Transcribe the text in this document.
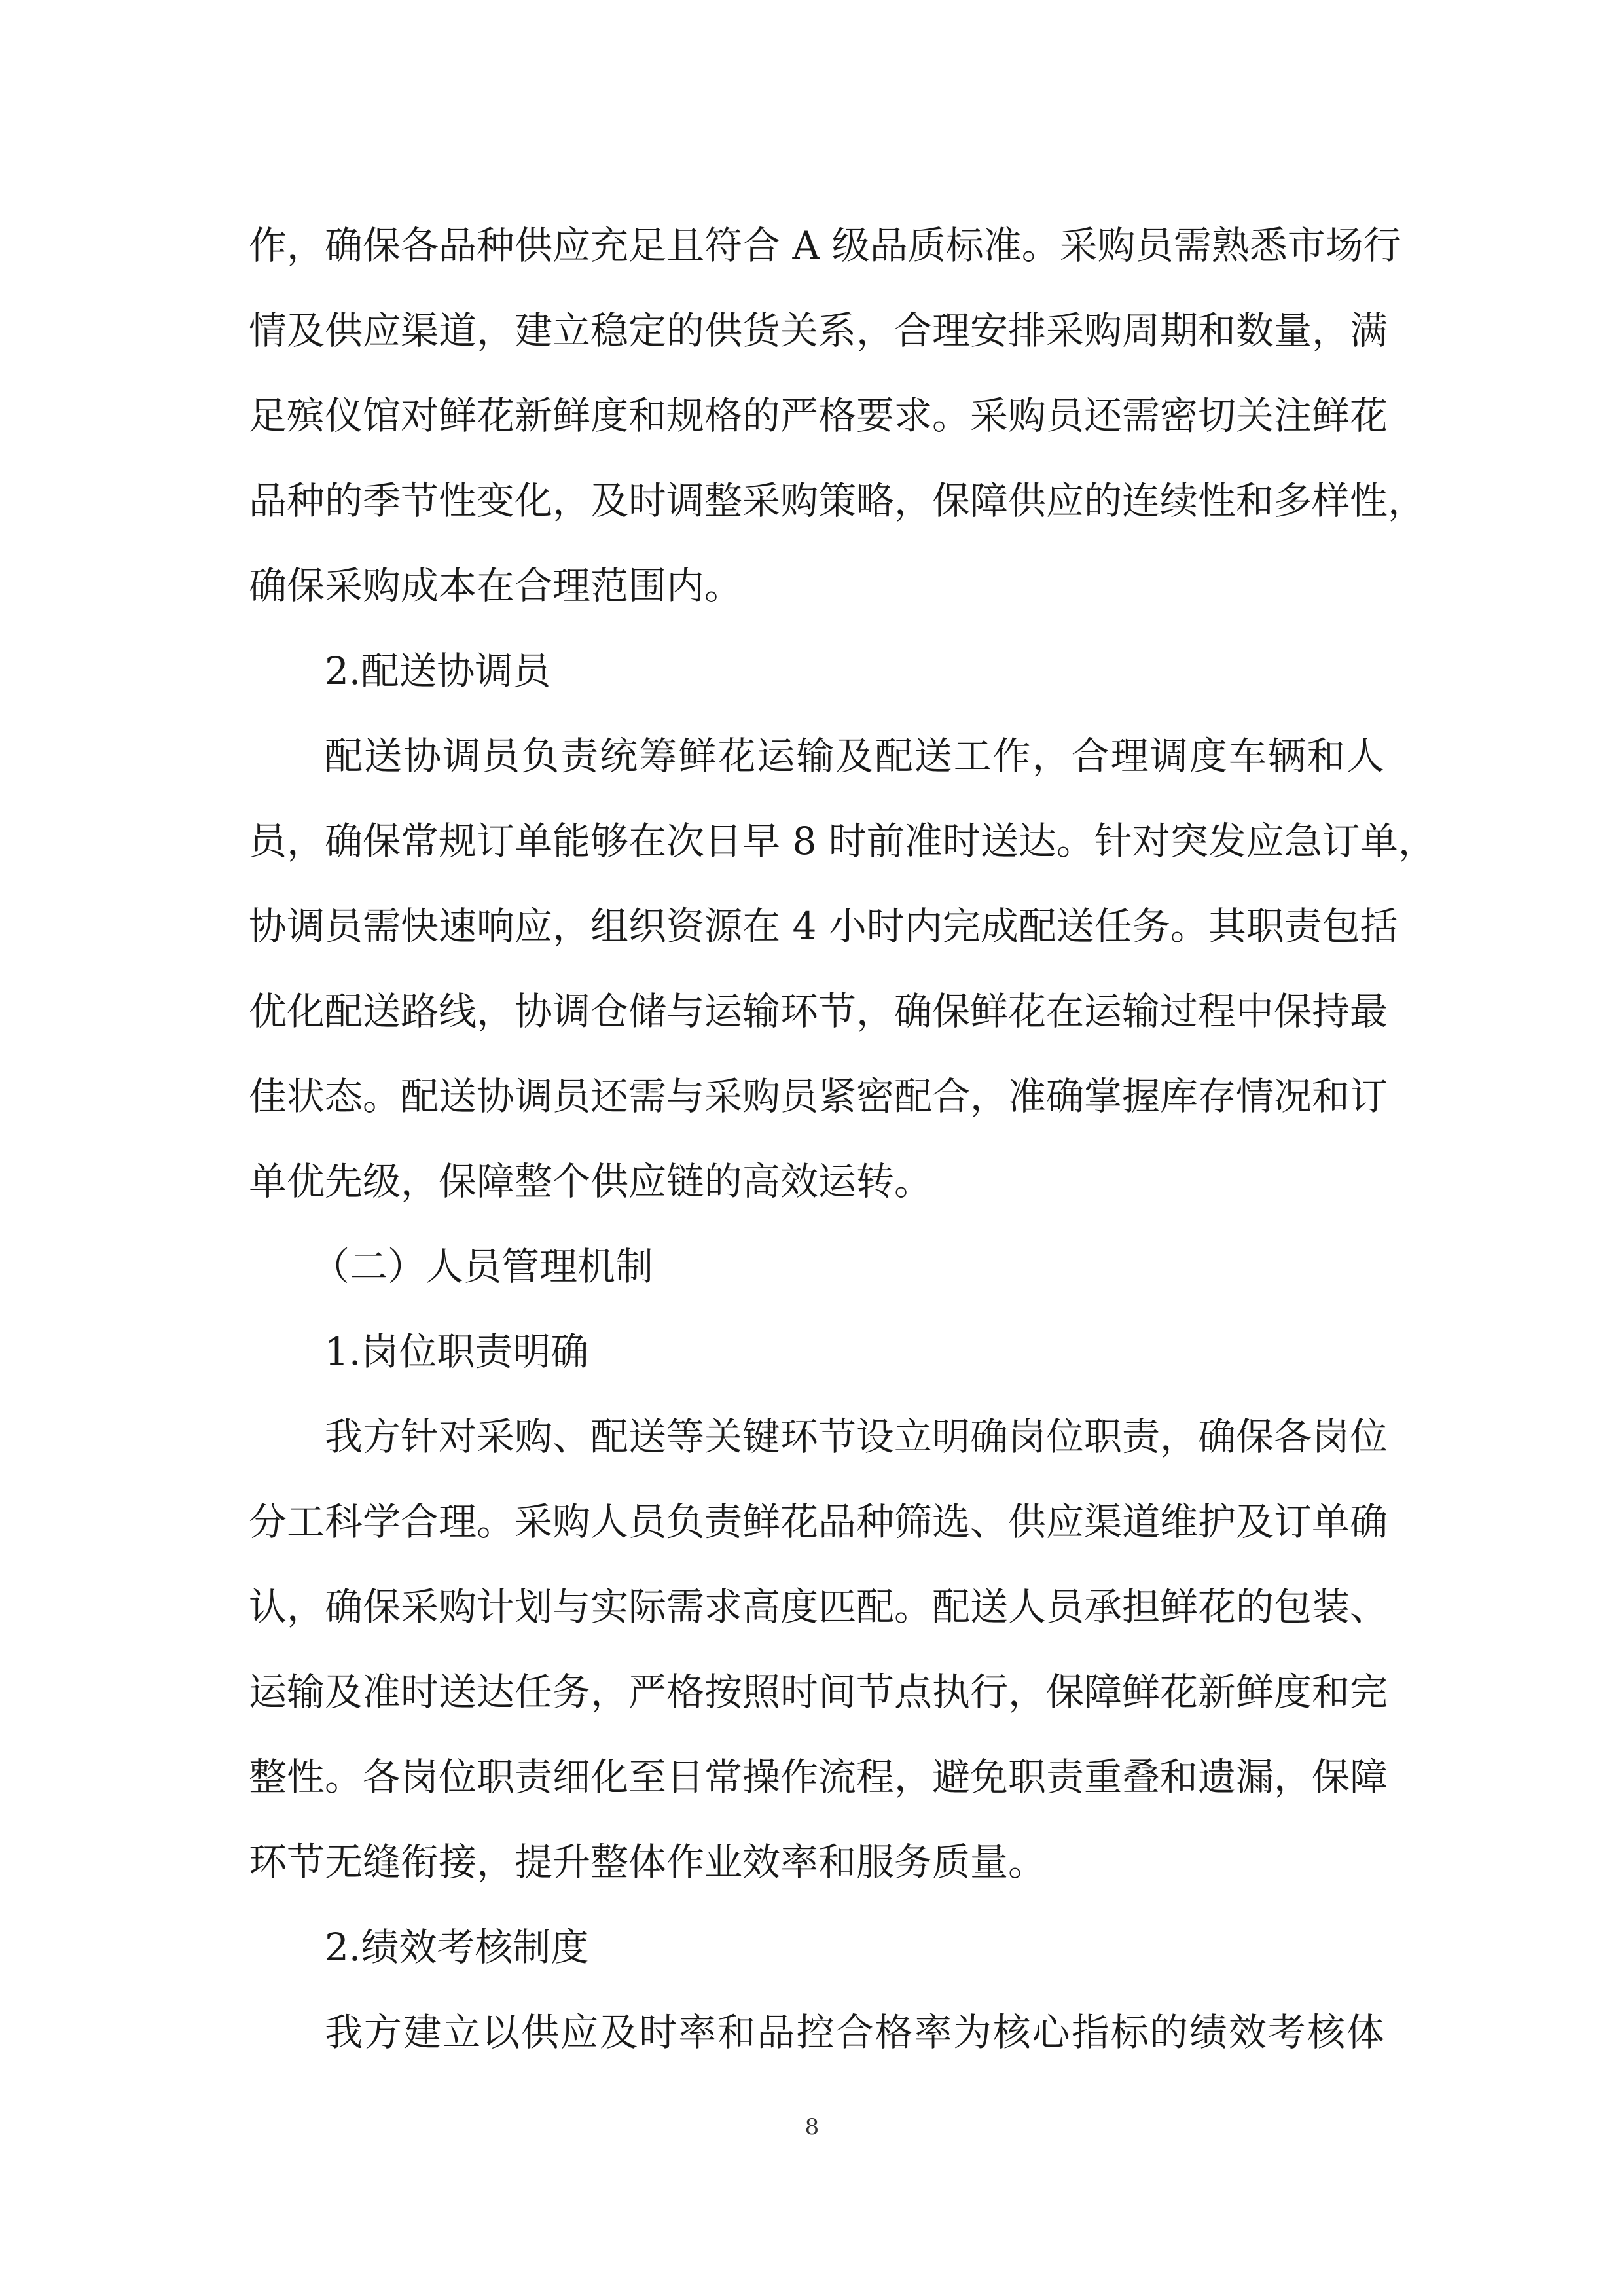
作，确保各品种供应充足且符合 A 级品质标准。采购员需熟悉市场行
情及供应渠道，建立稳定的供货关系，合理安排采购周期和数量，满
足殡仪馆对鲜花新鲜度和规格的严格要求。采购员还需密切关注鲜花
品种的季节性变化，及时调整采购策略，保障供应的连续性和多样性，
确保采购成本在合理范围内。
2.配送协调员
配送协调员负责统筹鲜花运输及配送工作，合理调度车辆和人
员，确保常规订单能够在次日早 8 时前准时送达。针对突发应急订单，
协调员需快速响应，组织资源在 4 小时内完成配送任务。其职责包括
优化配送路线，协调仓储与运输环节，确保鲜花在运输过程中保持最
佳状态。配送协调员还需与采购员紧密配合，准确掌握库存情况和订
单优先级，保障整个供应链的高效运转。
（二）人员管理机制
1.岗位职责明确
我方针对采购、配送等关键环节设立明确岗位职责，确保各岗位
分工科学合理。采购人员负责鲜花品种筛选、供应渠道维护及订单确
认，确保采购计划与实际需求高度匹配。配送人员承担鲜花的包装、
运输及准时送达任务，严格按照时间节点执行，保障鲜花新鲜度和完
整性。各岗位职责细化至日常操作流程，避免职责重叠和遗漏，保障
环节无缝衔接，提升整体作业效率和服务质量。
2.绩效考核制度
我方建立以供应及时率和品控合格率为核心指标的绩效考核体
8
